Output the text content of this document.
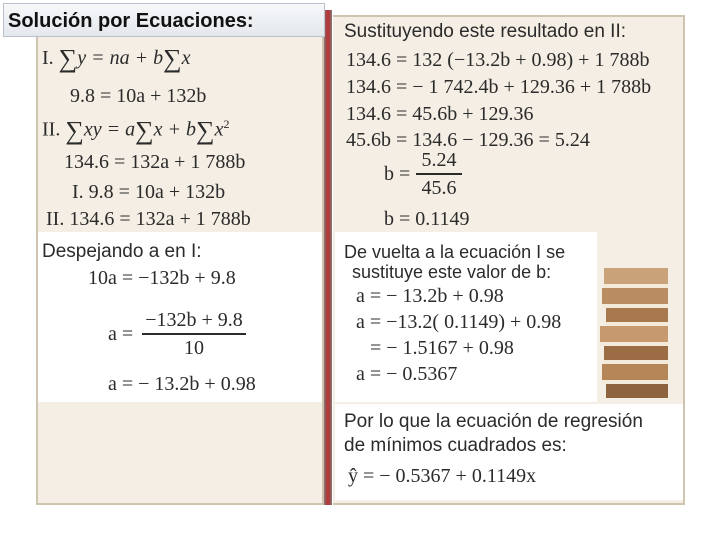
Solución por Ecuaciones:
I. ∑y = na + b∑x
9.8 = 10a + 132b
II. $\sum xy = a\sum x + b\sum x^2$
134.6 = 132a + 1 788b
I. 9.8 = 10a + 132b
II. 134.6 = 132a + 1 788b
Despejando a en I:
10a = −132b + 9.8
a =
−132b + 9.8
10
a = − 13.2b + 0.98
Sustituyendo este resultado en II:
134.6 = 132 (−13.2b + 0.98) + 1 788b
134.6 = − 1 742.4b + 129.36 + 1 788b
134.6 = 45.6b + 129.36
45.6b = 134.6 − 129.36 = 5.24
b =
5.24
45.6
b = 0.1149
De vuelta a la ecuación I se
sustituye este valor de b:
a = − 13.2b + 0.98
a = −13.2( 0.1149) + 0.98
= − 1.5167 + 0.98
a = − 0.5367
Por lo que la ecuación de regresión
de mínimos cuadrados es:
ŷ = − 0.5367 + 0.1149x
